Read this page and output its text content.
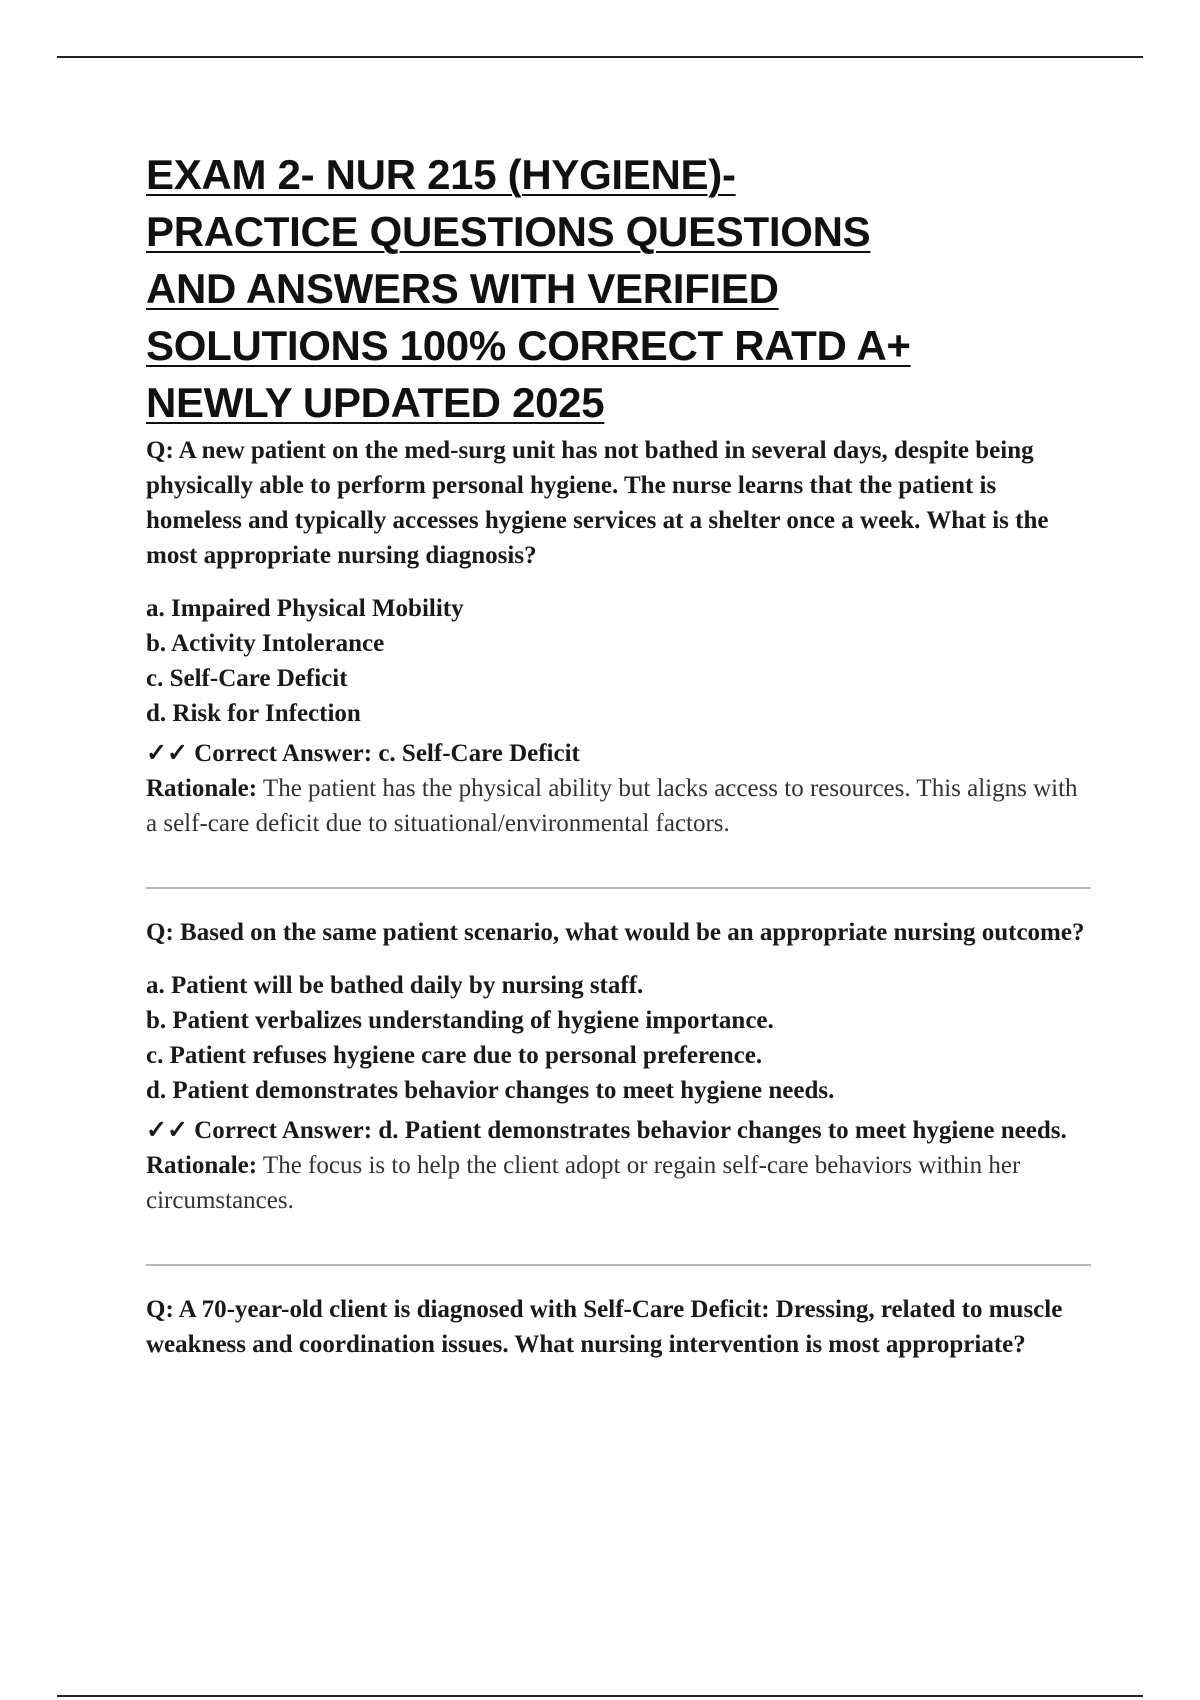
EXAM 2- NUR 215 (HYGIENE)-
PRACTICE QUESTIONS QUESTIONS
AND ANSWERS WITH VERIFIED
SOLUTIONS 100% CORRECT RATD A+
NEWLY UPDATED 2025

Q: A new patient on the med-surg unit has not bathed in several days, despite being physically able to perform personal hygiene. The nurse learns that the patient is homeless and typically accesses hygiene services at a shelter once a week. What is the most appropriate nursing diagnosis?

a. Impaired Physical Mobility
b. Activity Intolerance
c. Self-Care Deficit
d. Risk for Infection
✓✓ Correct Answer: c. Self-Care Deficit
Rationale: The patient has the physical ability but lacks access to resources. This aligns with a self-care deficit due to situational/environmental factors.

Q: Based on the same patient scenario, what would be an appropriate nursing outcome?

a. Patient will be bathed daily by nursing staff.
b. Patient verbalizes understanding of hygiene importance.
c. Patient refuses hygiene care due to personal preference.
d. Patient demonstrates behavior changes to meet hygiene needs.
✓✓ Correct Answer: d. Patient demonstrates behavior changes to meet hygiene needs.
Rationale: The focus is to help the client adopt or regain self-care behaviors within her circumstances.

Q: A 70-year-old client is diagnosed with Self-Care Deficit: Dressing, related to muscle weakness and coordination issues. What nursing intervention is most appropriate?
